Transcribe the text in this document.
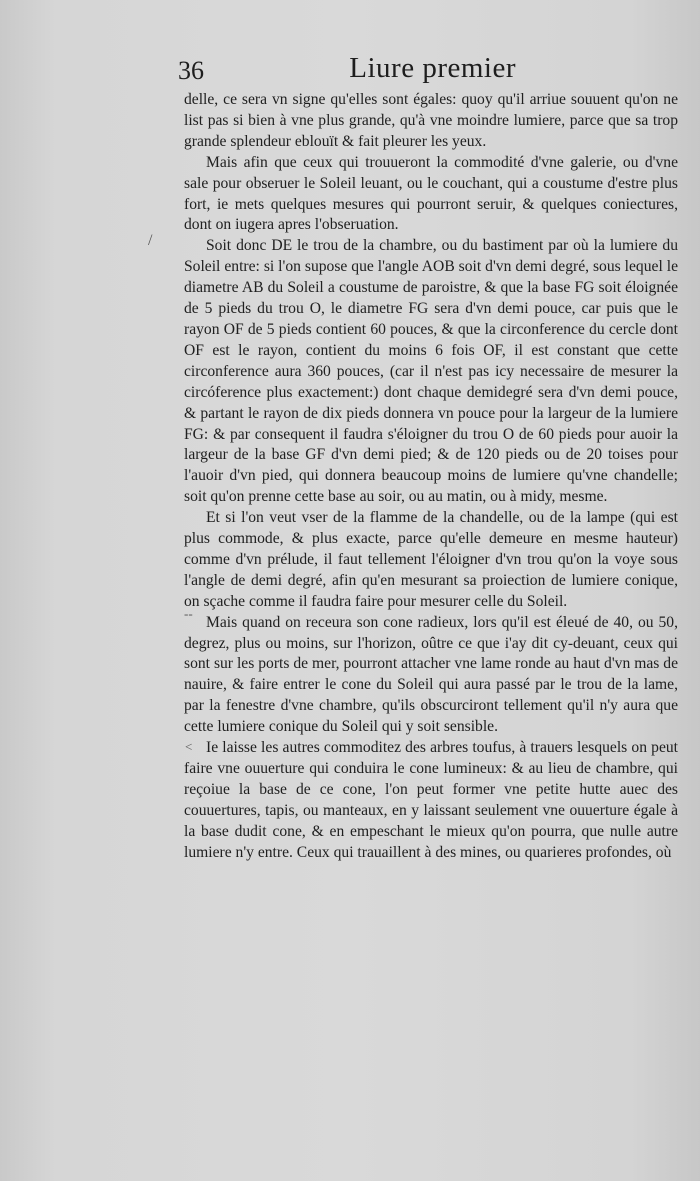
36	Liure premier
/
--
<

delle, ce sera vn signe qu'elles sont égales: quoy qu'il arriue souuent qu'on ne list pas si bien à vne plus grande, qu'à vne moindre lumiere, parce que sa trop grande splendeur eblouït & fait pleurer les yeux.

Mais afin que ceux qui trouueront la commodité d'vne galerie, ou d'vne sale pour obseruer le Soleil leuant, ou le couchant, qui a coustume d'estre plus fort, ie mets quelques mesures qui pourront seruir, & quelques coniectures, dont on iugera apres l'obseruation.

Soit donc DE le trou de la chambre, ou du bastiment par où la lumiere du Soleil entre: si l'on supose que l'angle AOB soit d'vn demi degré, sous lequel le diametre AB du Soleil a coustume de paroistre, & que la base FG soit éloignée de 5 pieds du trou O, le diametre FG sera d'vn demi pouce, car puis que le rayon OF de 5 pieds contient 60 pouces, & que la circonference du cercle dont OF est le rayon, contient du moins 6 fois OF, il est constant que cette circonference aura 360 pouces, (car il n'est pas icy necessaire de mesurer la circóference plus exactement:) dont chaque demidegré sera d'vn demi pouce, & partant le rayon de dix pieds donnera vn pouce pour la largeur de la lumiere FG: & par consequent il faudra s'éloigner du trou O de 60 pieds pour auoir la largeur de la base GF d'vn demi pied; & de 120 pieds ou de 20 toises pour l'auoir d'vn pied, qui donnera beaucoup moins de lumiere qu'vne chandelle; soit qu'on prenne cette base au soir, ou au matin, ou à midy, mesme.

Et si l'on veut vser de la flamme de la chandelle, ou de la lampe (qui est plus commode, & plus exacte, parce qu'elle demeure en mesme hauteur) comme d'vn prélude, il faut tellement l'éloigner d'vn trou qu'on la voye sous l'angle de demi degré, afin qu'en mesurant sa proiection de lumiere conique, on sçache comme il faudra faire pour mesurer celle du Soleil.

Mais quand on receura son cone radieux, lors qu'il est éleué de 40, ou 50, degrez, plus ou moins, sur l'horizon, oûtre ce que i'ay dit cy-deuant, ceux qui sont sur les ports de mer, pourront attacher vne lame ronde au haut d'vn mas de nauire, & faire entrer le cone du Soleil qui aura passé par le trou de la lame, par la fenestre d'vne chambre, qu'ils obscurciront tellement qu'il n'y aura que cette lumiere conique du Soleil qui y soit sensible.

Ie laisse les autres commoditez des arbres toufus, à trauers lesquels on peut faire vne ouuerture qui conduira le cone lumineux: & au lieu de chambre, qui reçoiue la base de ce cone, l'on peut former vne petite hutte auec des couuertures, tapis, ou manteaux, en y laissant seulement vne ouuerture égale à la base dudit cone, & en empeschant le mieux qu'on pourra, que nulle autre lumiere n'y entre. Ceux qui trauaillent à des mines, ou quarieres profondes, où
